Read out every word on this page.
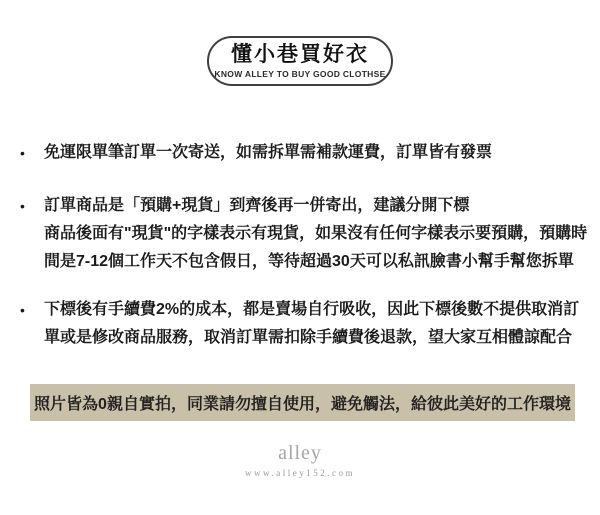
懂小巷買好衣
KNOW ALLEY TO BUY GOOD CLOTHSE
•	免運限單筆訂單一次寄送，如需拆單需補款運費，訂單皆有發票
•	訂單商品是「預購+現貨」到齊後再一併寄出，建議分開下標
商品後面有"現貨"的字樣表示有現貨，如果沒有任何字樣表示要預購，預購時
間是7-12個工作天不包含假日，等待超過30天可以私訊臉書小幫手幫您拆單
•	下標後有手續費2%的成本，都是賣場自行吸收，因此下標後數不提供取消訂
單或是修改商品服務，取消訂單需扣除手續費後退款，望大家互相體諒配合
照片皆為0親自實拍，同業請勿擅自使用，避免觸法，給彼此美好的工作環境
alley
www.alley152.com
